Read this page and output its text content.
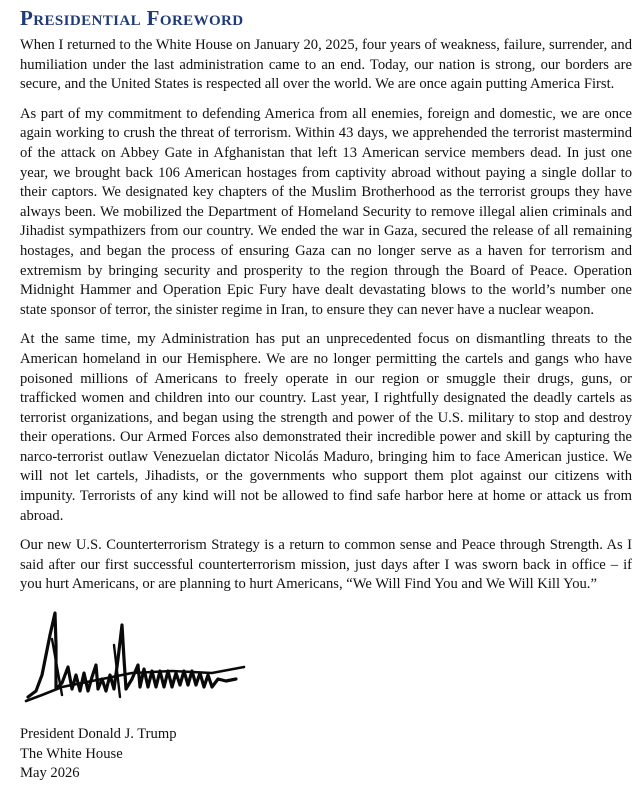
Presidential Foreword

When I returned to the White House on January 20, 2025, four years of weakness, failure, surrender, and humiliation under the last administration came to an end. Today, our nation is strong, our borders are secure, and the United States is respected all over the world. We are once again putting America First.

As part of my commitment to defending America from all enemies, foreign and domestic, we are once again working to crush the threat of terrorism. Within 43 days, we apprehended the terrorist mastermind of the attack on Abbey Gate in Afghanistan that left 13 American service members dead. In just one year, we brought back 106 American hostages from captivity abroad without paying a single dollar to their captors. We designated key chapters of the Muslim Brotherhood as the terrorist groups they have always been. We mobilized the Department of Homeland Security to remove illegal alien criminals and Jihadist sympathizers from our country. We ended the war in Gaza, secured the release of all remaining hostages, and began the process of ensuring Gaza can no longer serve as a haven for terrorism and extremism by bringing security and prosperity to the region through the Board of Peace. Operation Midnight Hammer and Operation Epic Fury have dealt devastating blows to the world’s number one state sponsor of terror, the sinister regime in Iran, to ensure they can never have a nuclear weapon.

At the same time, my Administration has put an unprecedented focus on dismantling threats to the American homeland in our Hemisphere. We are no longer permitting the cartels and gangs who have poisoned millions of Americans to freely operate in our region or smuggle their drugs, guns, or trafficked women and children into our country. Last year, I rightfully designated the deadly cartels as terrorist organizations, and began using the strength and power of the U.S. military to stop and destroy their operations. Our Armed Forces also demonstrated their incredible power and skill by capturing the narco-terrorist outlaw Venezuelan dictator Nicolás Maduro, bringing him to face American justice. We will not let cartels, Jihadists, or the governments who support them plot against our citizens with impunity. Terrorists of any kind will not be allowed to find safe harbor here at home or attack us from abroad.

Our new U.S. Counterterrorism Strategy is a return to common sense and Peace through Strength. As I said after our first successful counterterrorism mission, just days after I was sworn back in office – if you hurt Americans, or are planning to hurt Americans, “We Will Find You and We Will Kill You.”

President Donald J. Trump
The White House
May 2026
